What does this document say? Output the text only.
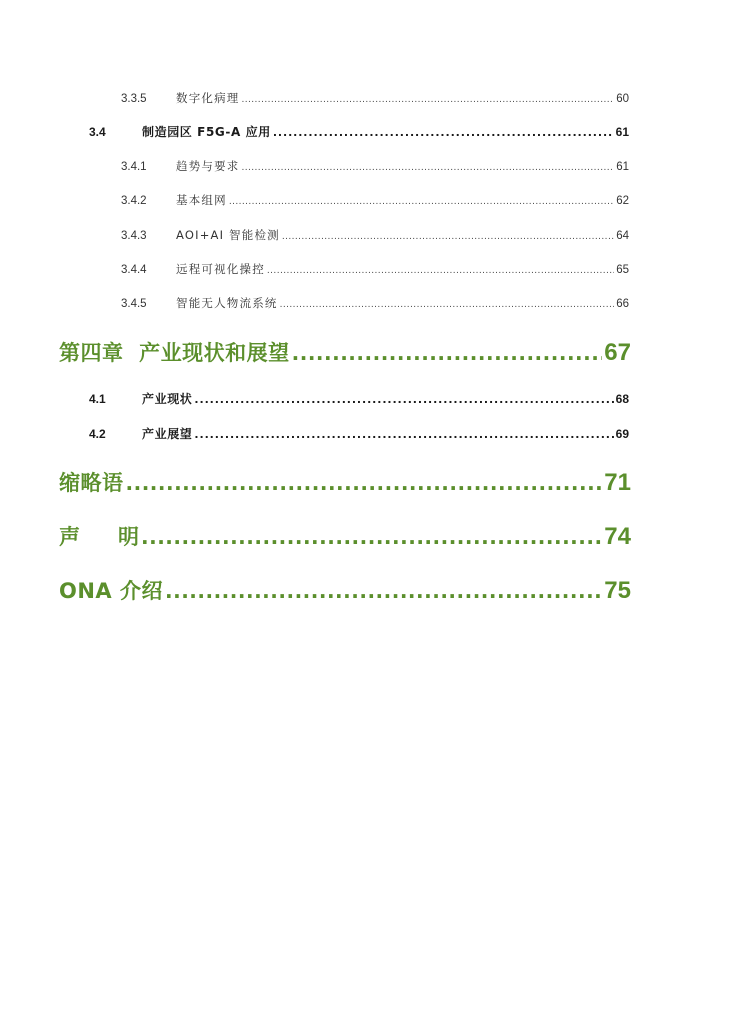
3.3.5	数字化病理 .....	60
3.4	制造园区 F5G-A 应用 .....	61
3.4.1	趋势与要求 .....	61
3.4.2	基本组网 .....	62
3.4.3	AOI+AI 智能检测 .....	64
3.4.4	远程可视化操控 .....	65
3.4.5	智能无人物流系统 .....	66
第四章  产业现状和展望 .....	67
4.1	产业现状 .....	68
4.2	产业展望 .....	69
缩略语 .....	71
声 明 .....	74
ONA 介绍 .....	75
